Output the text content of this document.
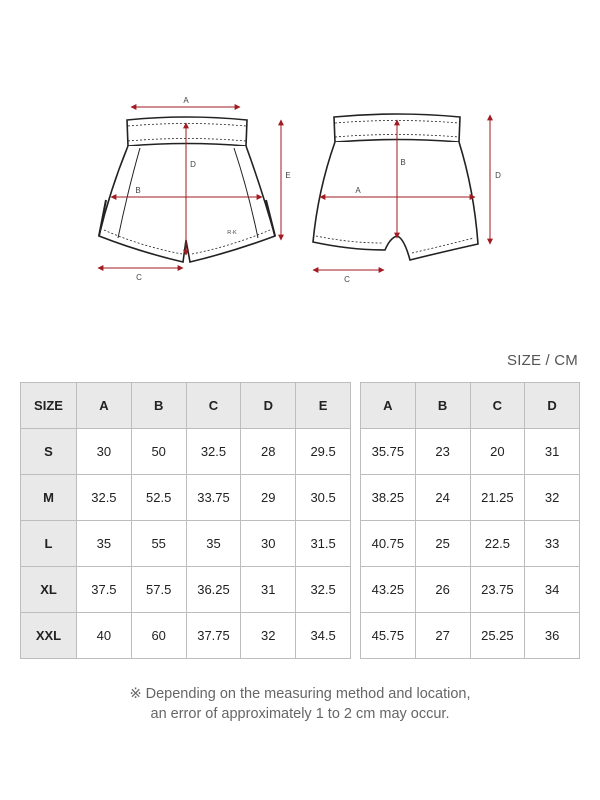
R·K
A
B
C
D
E
A
B
C
D
SIZE / CM
SIZE	A	B	C	D	E
S	30	50	32.5	28	29.5
M	32.5	52.5	33.75	29	30.5
L	35	55	35	30	31.5
XL	37.5	57.5	36.25	31	32.5
XXL	40	60	37.75	32	34.5
A	B	C	D
35.75	23	20	31
38.25	24	21.25	32
40.75	25	22.5	33
43.25	26	23.75	34
45.75	27	25.25	36
※ Depending on the measuring method and location,
an error of approximately 1 to 2 cm may occur.
